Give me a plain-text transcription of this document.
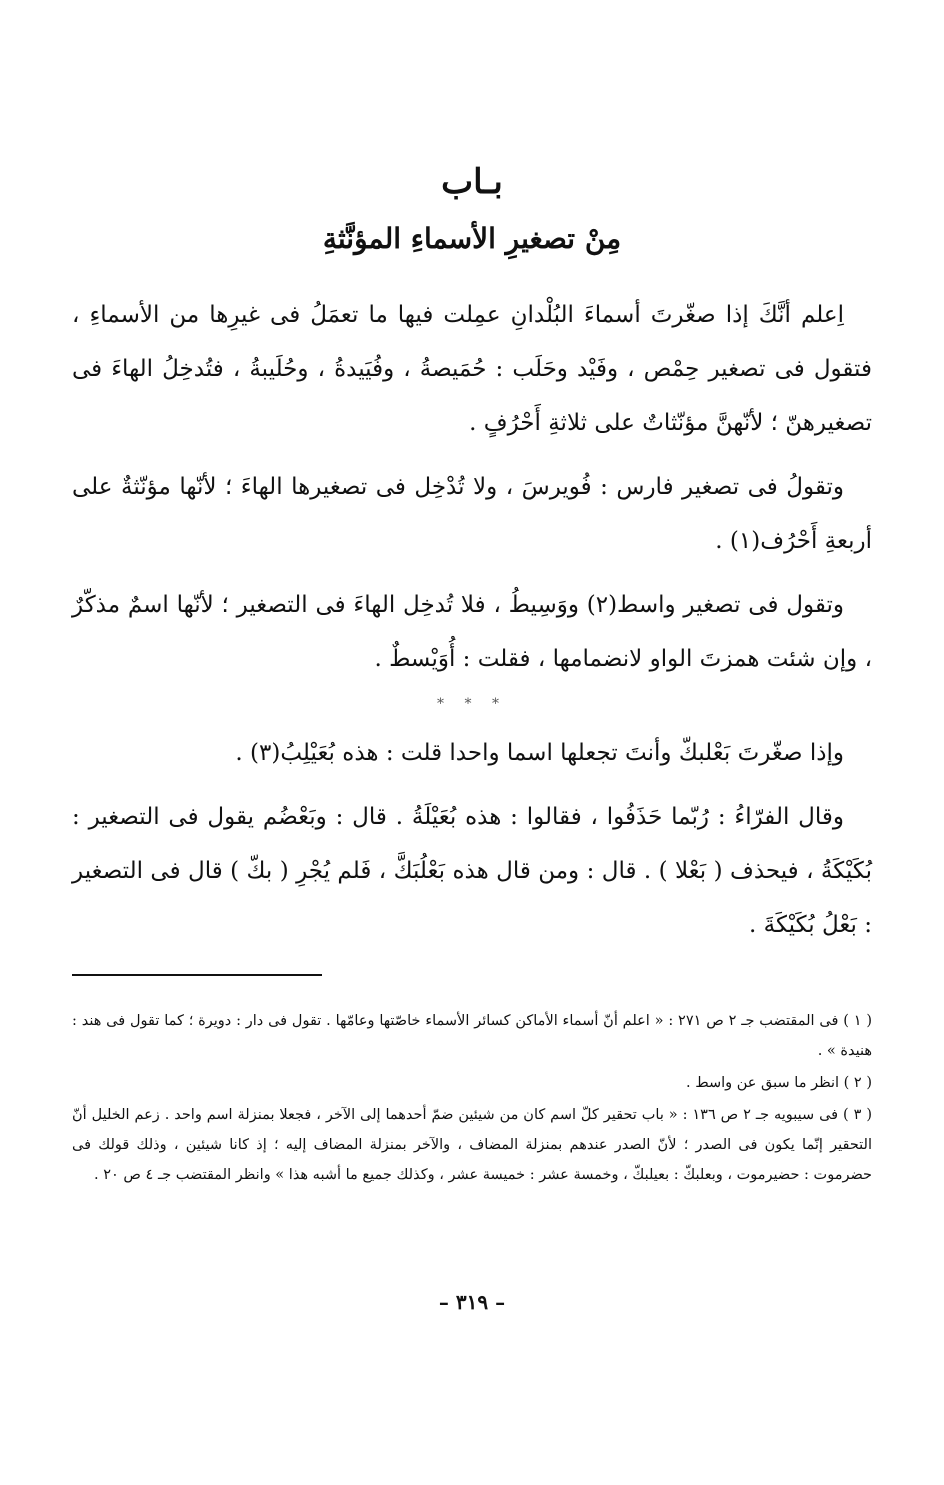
بـاب
مِنْ تصغيرِ الأسماءِ المؤنَّثةِ

اِعلم أنَّكَ إذا صغّرتَ أسماءَ البُلْدانِ عمِلت فيها ما تعمَلُ فى غيرِها من الأسماءِ ، فتقول فى تصغير حِمْص ، وفَيْد وحَلَب : حُمَيصةُ ، وفُيَيدةُ ، وحُلَيبةُ ، فتُدخِلُ الهاءَ فى تصغيرهنّ ؛ لأنّهنَّ مؤنّثاتٌ على ثلاثةِ أَحْرُفٍ .

وتقولُ فى تصغير فارس : فُويرسَ ، ولا تُدْخِل فى تصغيرها الهاءَ ؛ لأنّها مؤنّثةٌ على أربعةِ أَحْرُف(١) .

وتقول فى تصغير واسط(٢) ووَسِيطُ ، فلا تُدخِل الهاءَ فى التصغير ؛ لأنّها اسمٌ مذكّرٌ ، وإن شئت همزتَ الواو لانضمامها ، فقلت : أُوَيْسطٌ .

* * *

وإذا صغّرتَ بَعْلبكّ وأنتَ تجعلها اسما واحدا قلت : هذه بُعَيْلِبُ(٣) .

وقال الفرّاءُ : رُبّما حَذَفُوا ، فقالوا : هذه بُعَيْلَةُ . قال : وبَعْضُم يقول فى التصغير : بُكَيْكَةُ ، فيحذف ( بَعْلا ) . قال : ومن قال هذه بَعْلُبَكَّ ، فَلم يُجْرِ ( بكّ ) قال فى التصغير : بَعْلُ بُكَيْكَةَ .

( ١ ) فى المقتضب جـ ٢ ص ٢٧١ : « اعلم أنّ أسماء الأماكن كسائر الأسماء خاصّتها وعامّها . تقول فى دار : دويرة ؛ كما تقول فى هند : هنيدة » .

( ٢ ) انظر ما سبق عن واسط .

( ٣ ) فى سيبويه جـ ٢ ص ١٣٦ : « باب تحقير كلّ اسم كان من شيئين ضمّ أحدهما إلى الآخر ، فجعلا بمنزلة اسم واحد . زعم الخليل أنّ التحقير إنّما يكون فى الصدر ؛ لأنّ الصدر عندهم بمنزلة المضاف ، والآخر بمنزلة المضاف إليه ؛ إذ كانا شيئين ، وذلك قولك فى حضرموت : حضيرموت ، وبعلبكّ : بعيلبكّ ، وخمسة عشر : خميسة عشر ، وكذلك جميع ما أشبه هذا » وانظر المقتضب جـ ٤ ص ٢٠ .

– ٣١٩ –
